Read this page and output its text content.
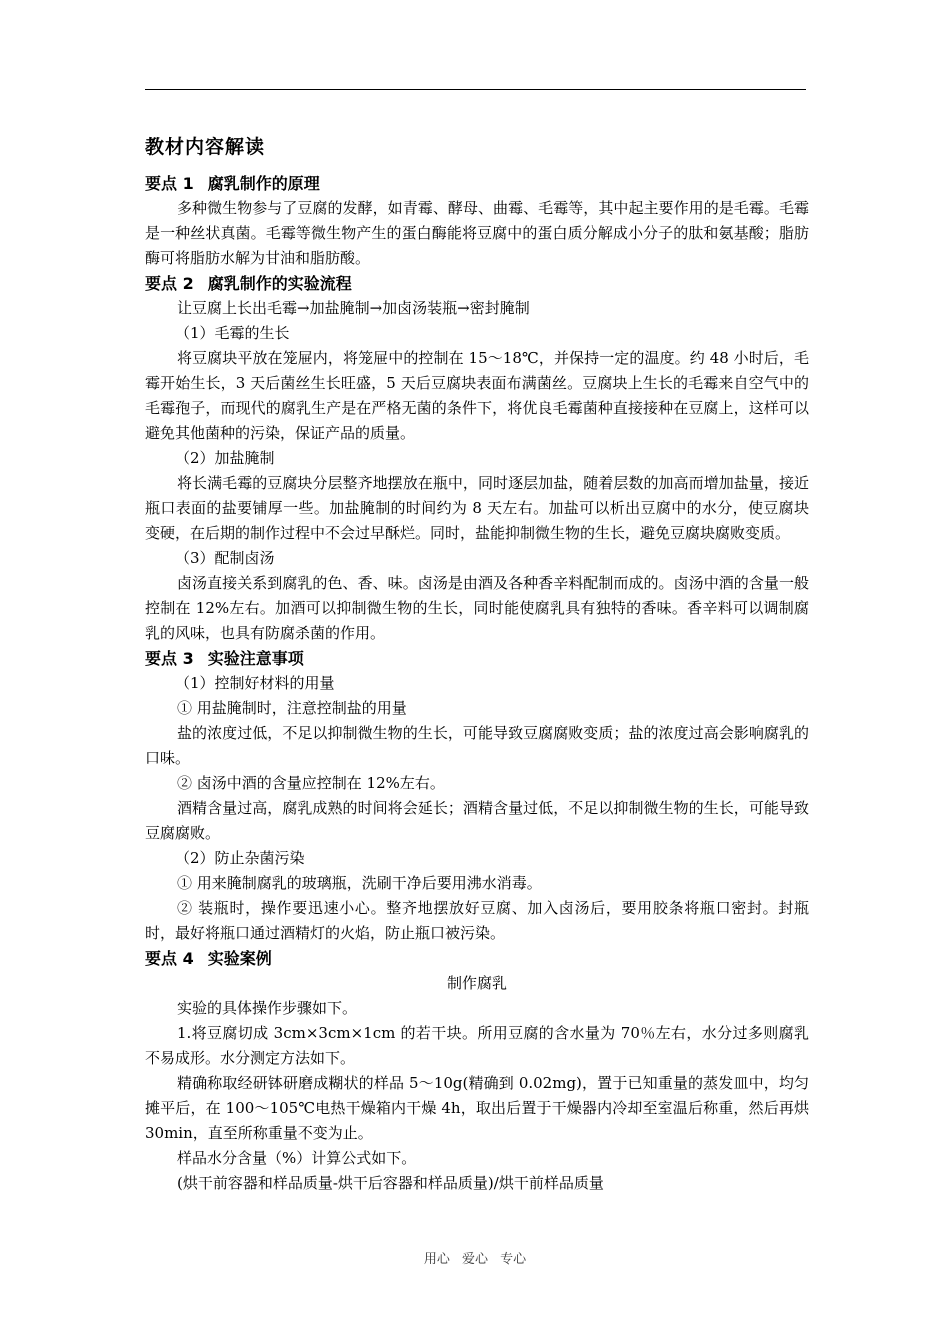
教材内容解读
要点 1 腐乳制作的原理

多种微生物参与了豆腐的发酵，如青霉、酵母、曲霉、毛霉等，其中起主要作用的是毛霉。毛霉是一种丝状真菌。毛霉等微生物产生的蛋白酶能将豆腐中的蛋白质分解成小分子的肽和氨基酸；脂肪酶可将脂肪水解为甘油和脂肪酸。

要点 2 腐乳制作的实验流程

让豆腐上长出毛霉→加盐腌制→加卤汤装瓶→密封腌制

（1）毛霉的生长

将豆腐块平放在笼屉内，将笼屉中的控制在 15～18℃，并保持一定的温度。约 48 小时后，毛霉开始生长，3 天后菌丝生长旺盛，5 天后豆腐块表面布满菌丝。豆腐块上生长的毛霉来自空气中的毛霉孢子，而现代的腐乳生产是在严格无菌的条件下，将优良毛霉菌种直接接种在豆腐上，这样可以避免其他菌种的污染，保证产品的质量。

（2）加盐腌制

将长满毛霉的豆腐块分层整齐地摆放在瓶中，同时逐层加盐，随着层数的加高而增加盐量，接近瓶口表面的盐要铺厚一些。加盐腌制的时间约为 8 天左右。加盐可以析出豆腐中的水分，使豆腐块变硬，在后期的制作过程中不会过早酥烂。同时，盐能抑制微生物的生长，避免豆腐块腐败变质。

（3）配制卤汤

卤汤直接关系到腐乳的色、香、味。卤汤是由酒及各种香辛料配制而成的。卤汤中酒的含量一般控制在 12%左右。加酒可以抑制微生物的生长，同时能使腐乳具有独特的香味。香辛料可以调制腐乳的风味，也具有防腐杀菌的作用。

要点 3 实验注意事项

（1）控制好材料的用量

① 用盐腌制时，注意控制盐的用量

盐的浓度过低，不足以抑制微生物的生长，可能导致豆腐腐败变质；盐的浓度过高会影响腐乳的口味。

② 卤汤中酒的含量应控制在 12%左右。

酒精含量过高，腐乳成熟的时间将会延长；酒精含量过低，不足以抑制微生物的生长，可能导致豆腐腐败。

（2）防止杂菌污染

① 用来腌制腐乳的玻璃瓶，洗刷干净后要用沸水消毒。

② 装瓶时，操作要迅速小心。整齐地摆放好豆腐、加入卤汤后，要用胶条将瓶口密封。封瓶时，最好将瓶口通过酒精灯的火焰，防止瓶口被污染。

要点 4 实验案例

制作腐乳

实验的具体操作步骤如下。

1.将豆腐切成 3cm×3cm×1cm 的若干块。所用豆腐的含水量为 70％左右，水分过多则腐乳不易成形。水分测定方法如下。

精确称取经研钵研磨成糊状的样品 5～10g(精确到 0.02mg)，置于已知重量的蒸发皿中，均匀摊平后，在 100～105℃电热干燥箱内干燥 4h，取出后置于干燥器内冷却至室温后称重，然后再烘 30min，直至所称重量不变为止。

样品水分含量（%）计算公式如下。

(烘干前容器和样品质量-烘干后容器和样品质量)/烘干前样品质量

用心 爱心 专心
